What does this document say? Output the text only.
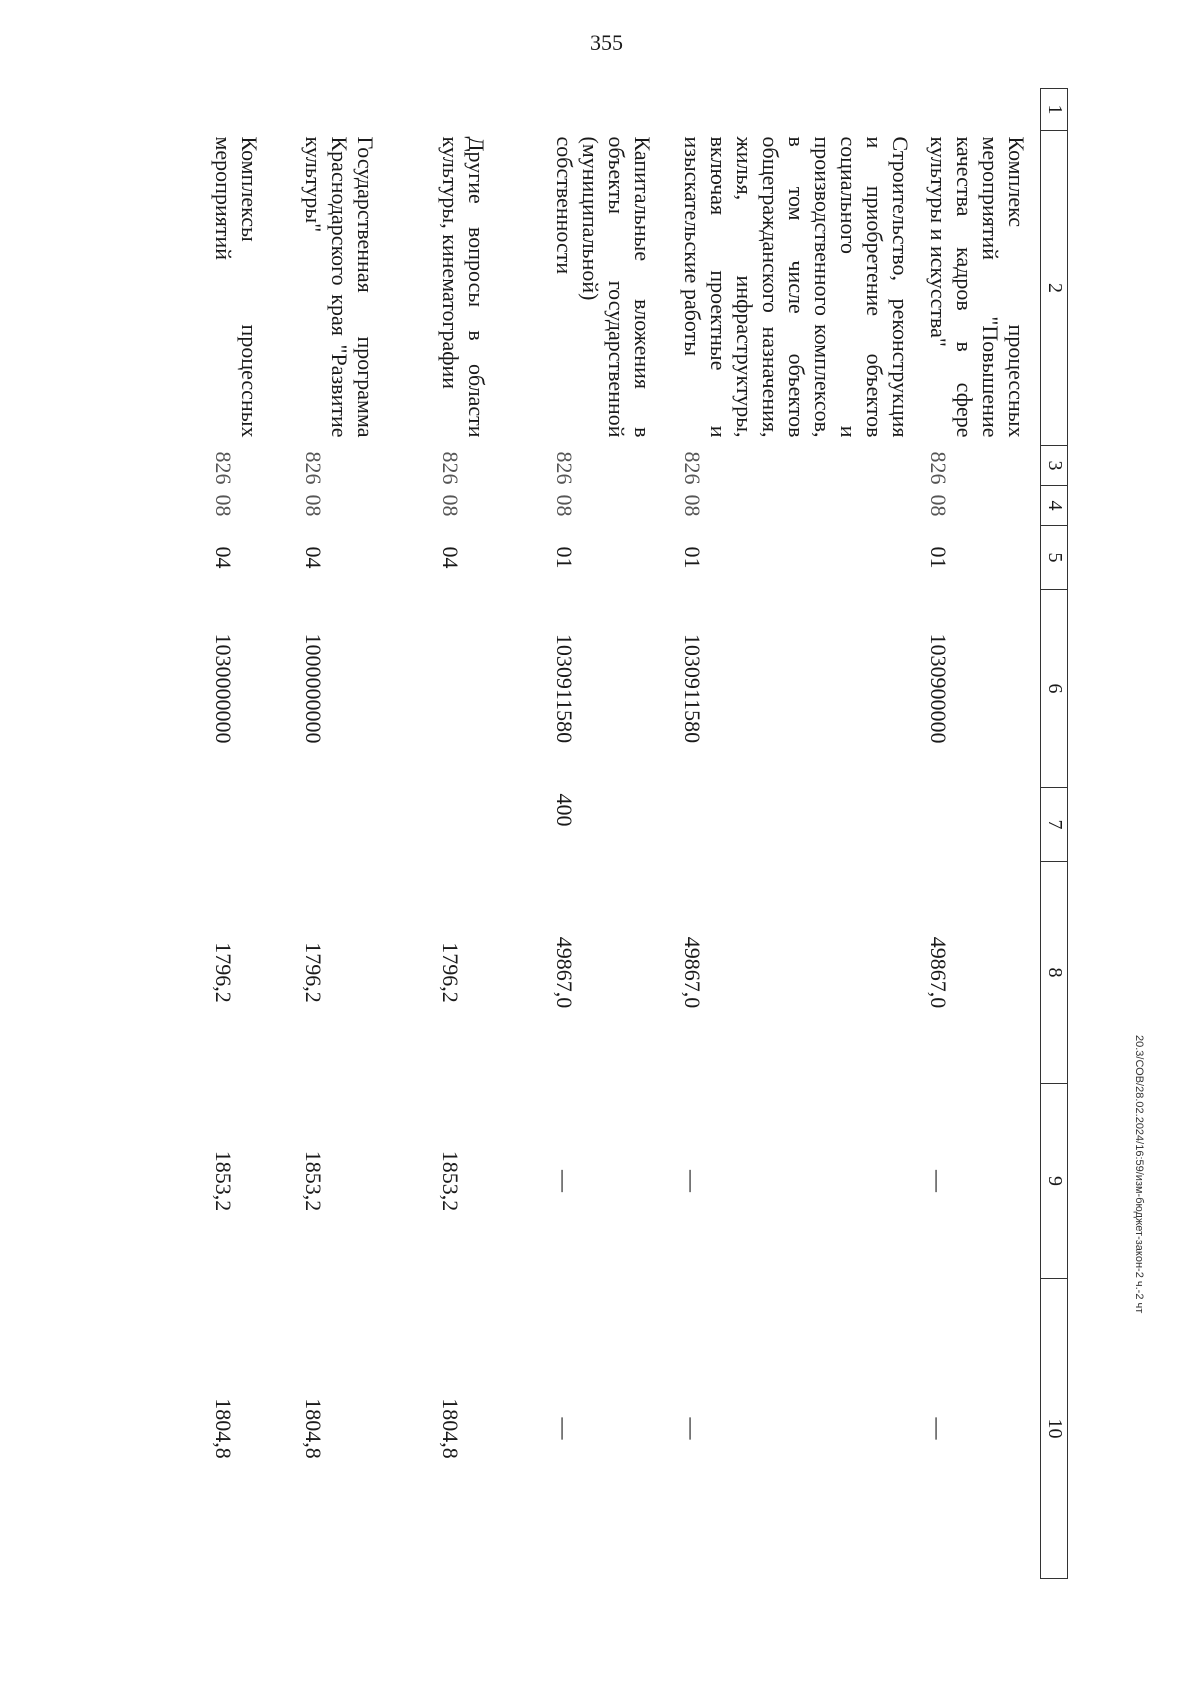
355
1	2	3	4	5	6	7	8	9	10
	Комплекс процессных мероприятий "Повышение качества кадров в сфере культуры и искусства"	826	08	01	1030900000		49867,0	—	—
	Строительство, реконструкция и приобретение объектов социального и производственного комплексов, в том числе объектов общегражданского назначения, жилья, инфраструктуры, включая проектные и изыскательские работы	826	08	01	1030911580		49867,0	—	—
	Капитальные вложения в объекты государственной (муниципальной) собственности	826	08	01	1030911580	400	49867,0	—	—
	Другие вопросы в области культуры, кинематографии	826	08	04			1796,2	1853,2	1804,8
	Государственная программа Краснодарского края "Развитие культуры"	826	08	04	1000000000		1796,2	1853,2	1804,8
	Комплексы процессных мероприятий	826	08	04	1030000000		1796,2	1853,2	1804,8
20.3/СОВ/28.02.2024/16:59/изм-бюджет-закон-2 ч.-2 чт
